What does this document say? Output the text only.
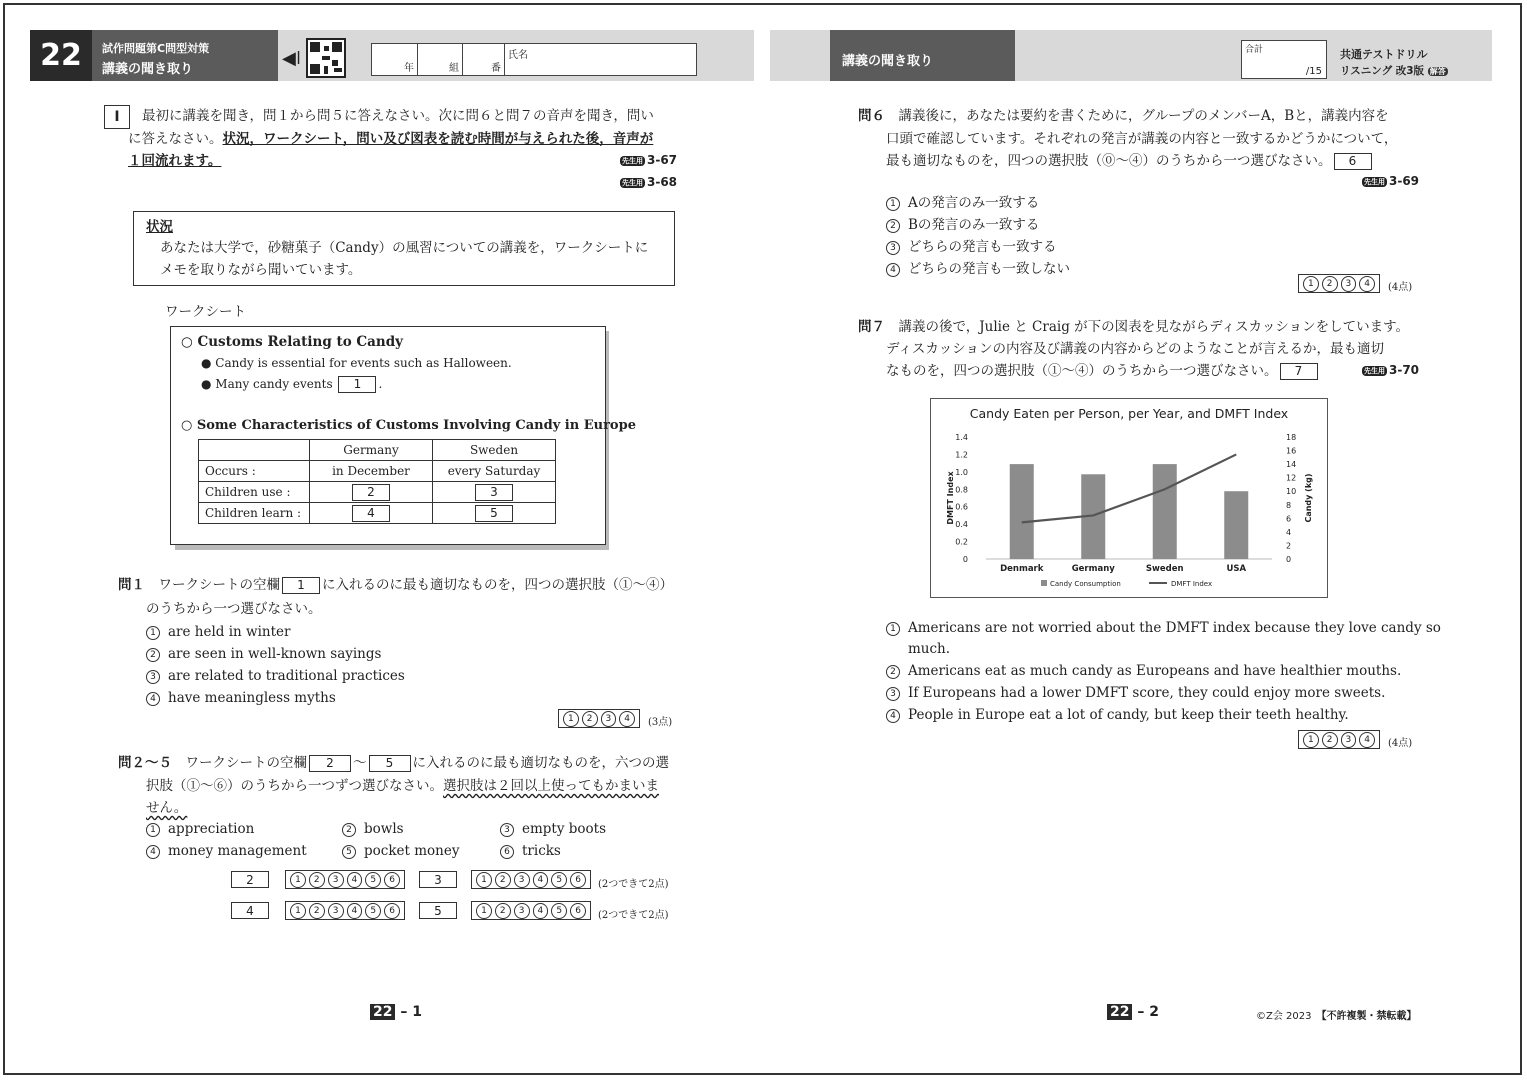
試作問題第C問型対策
講義の聞き取り
22	◀ǀ	年	組	番
氏名	講義の聞き取り
合計
/15
共通テストドリル
リスニング 改3版 解答
I	最初に講義を聞き，問１から問５に答えなさい。次に問６と問７の音声を聞き，問い
に答えなさい。状況，ワークシート，問い及び図表を読む時間が与えられた後，音声が
１回流れます。	先生用 3-67
先生用 3-68
状況
あなたは大学で，砂糖菓子（Candy）の風習についての講義を，ワークシートに
メモを取りながら聞いています。
ワークシート
○ Customs Relating to Candy
● Candy is essential for events such as Halloween.
● Many candy events 1 .
○ Some Characteristics of Customs Involving Candy in Europe
	Germany	Sweden
Occurs :	in December	every Saturday
Children use :	2	3
Children learn :	4	5
問１　 ワークシートの空欄 1 に入れるのに最も適切なものを，四つの選択肢（①〜④）
のうちから一つ選びなさい。
1 are held in winter
2 are seen in well-known sayings
3 are related to traditional practices
4 have meaningless myths
1	2	3	4	(3点)
問２〜５　 ワークシートの空欄 2 〜 5 に入れるのに最も適切なものを，六つの選
択肢（①〜⑥）のうちから一つずつ選びなさい。選択肢は２回以上使ってもかまいま
せん。
1 appreciation	2 bowls	3 empty boots
4 money management	5 pocket money	6 tricks
2	1	2	3	4	5	6	3	1	2	3	4	5	6	(2つできて2点)
4	1	2	3	4	5	6	5	1	2	3	4	5	6	(2つできて2点)
問６　 講義後に，あなたは要約を書くために，グループのメンバーA，Bと，講義内容を
口頭で確認しています。それぞれの発言が講義の内容と一致するかどうかについて，
最も適切なものを，四つの選択肢（⓪〜④）のうちから一つ選びなさい。 6
先生用 3-69
1 Aの発言のみ一致する
2 Bの発言のみ一致する
3 どちらの発言も一致する
4 どちらの発言も一致しない
1	2	3	4	(4点)
問７　 講義の後で，Julie と Craig が下の図表を見ながらディスカッションをしています。
ディスカッションの内容及び講義の内容からどのようなことが言えるか，最も適切
なものを，四つの選択肢（①〜④）のうちから一つ選びなさい。 7	先生用 3-70
Candy Eaten per Person, per Year, and DMFT Index
0
0.2
0.4
0.6
0.8
1.0
1.2
1.4
0
2
4
6
8
10
12
14
16
18
DMFT Index	Candy (kg)
Denmark	Germany	Sweden	USA
Candy Consumption	DMFT Index
1 Americans are not worried about the DMFT index because they love candy so
much.
2 Americans eat as much candy as Europeans and have healthier mouths.
3 If Europeans had a lower DMFT score, they could enjoy more sweets.
4 People in Europe eat a lot of candy, but keep their teeth healthy.
1	2	3	4	(4点)
22 – 1	22 – 2	©Z会 2023　 【不許複製・禁転載】
